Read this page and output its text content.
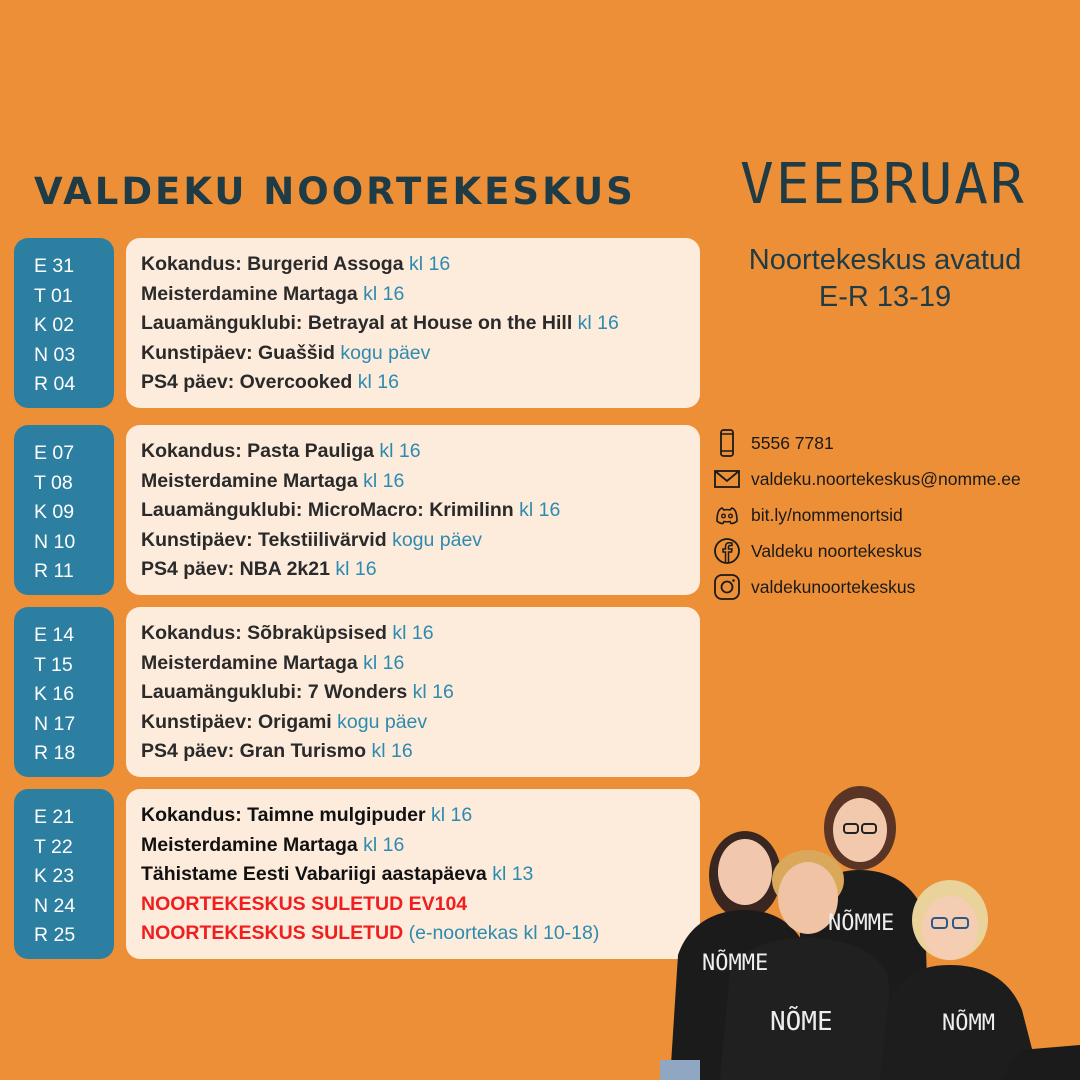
VALDEKU NOORTEKESKUS VEEBRUAR
Noortekeskus avatud
E-R 13-19
E 31
T 01
K 02
N 03
R 04
Kokandus: Burgerid Assoga kl 16
Meisterdamine Martaga kl 16
Lauamänguklubi: Betrayal at House on the Hill kl 16
Kunstipäev: Guaššid kogu päev
PS4 päev: Overcooked kl 16
E 07
T 08
K 09
N 10
R 11
Kokandus: Pasta Pauliga kl 16
Meisterdamine Martaga kl 16
Lauamänguklubi: MicroMacro: Krimilinn kl 16
Kunstipäev: Tekstiilivärvid kogu päev
PS4 päev: NBA 2k21 kl 16
E 14
T 15
K 16
N 17
R 18
Kokandus: Sõbraküpsised kl 16
Meisterdamine Martaga kl 16
Lauamänguklubi: 7 Wonders kl 16
Kunstipäev: Origami kogu päev
PS4 päev: Gran Turismo kl 16
E 21
T 22
K 23
N 24
R 25
Kokandus: Taimne mulgipuder kl 16
Meisterdamine Martaga kl 16
Tähistame Eesti Vabariigi aastapäeva kl 13
NOORTEKESKUS SULETUD EV104
NOORTEKESKUS SULETUD (e-noortekas kl 10-18)
5556 7781
valdeku.noortekeskus@nomme.ee
bit.ly/nommenortsid
Valdeku noortekeskus
valdekunoortekeskus
NÕMME
NÕMME
NÕME	NÕMM
